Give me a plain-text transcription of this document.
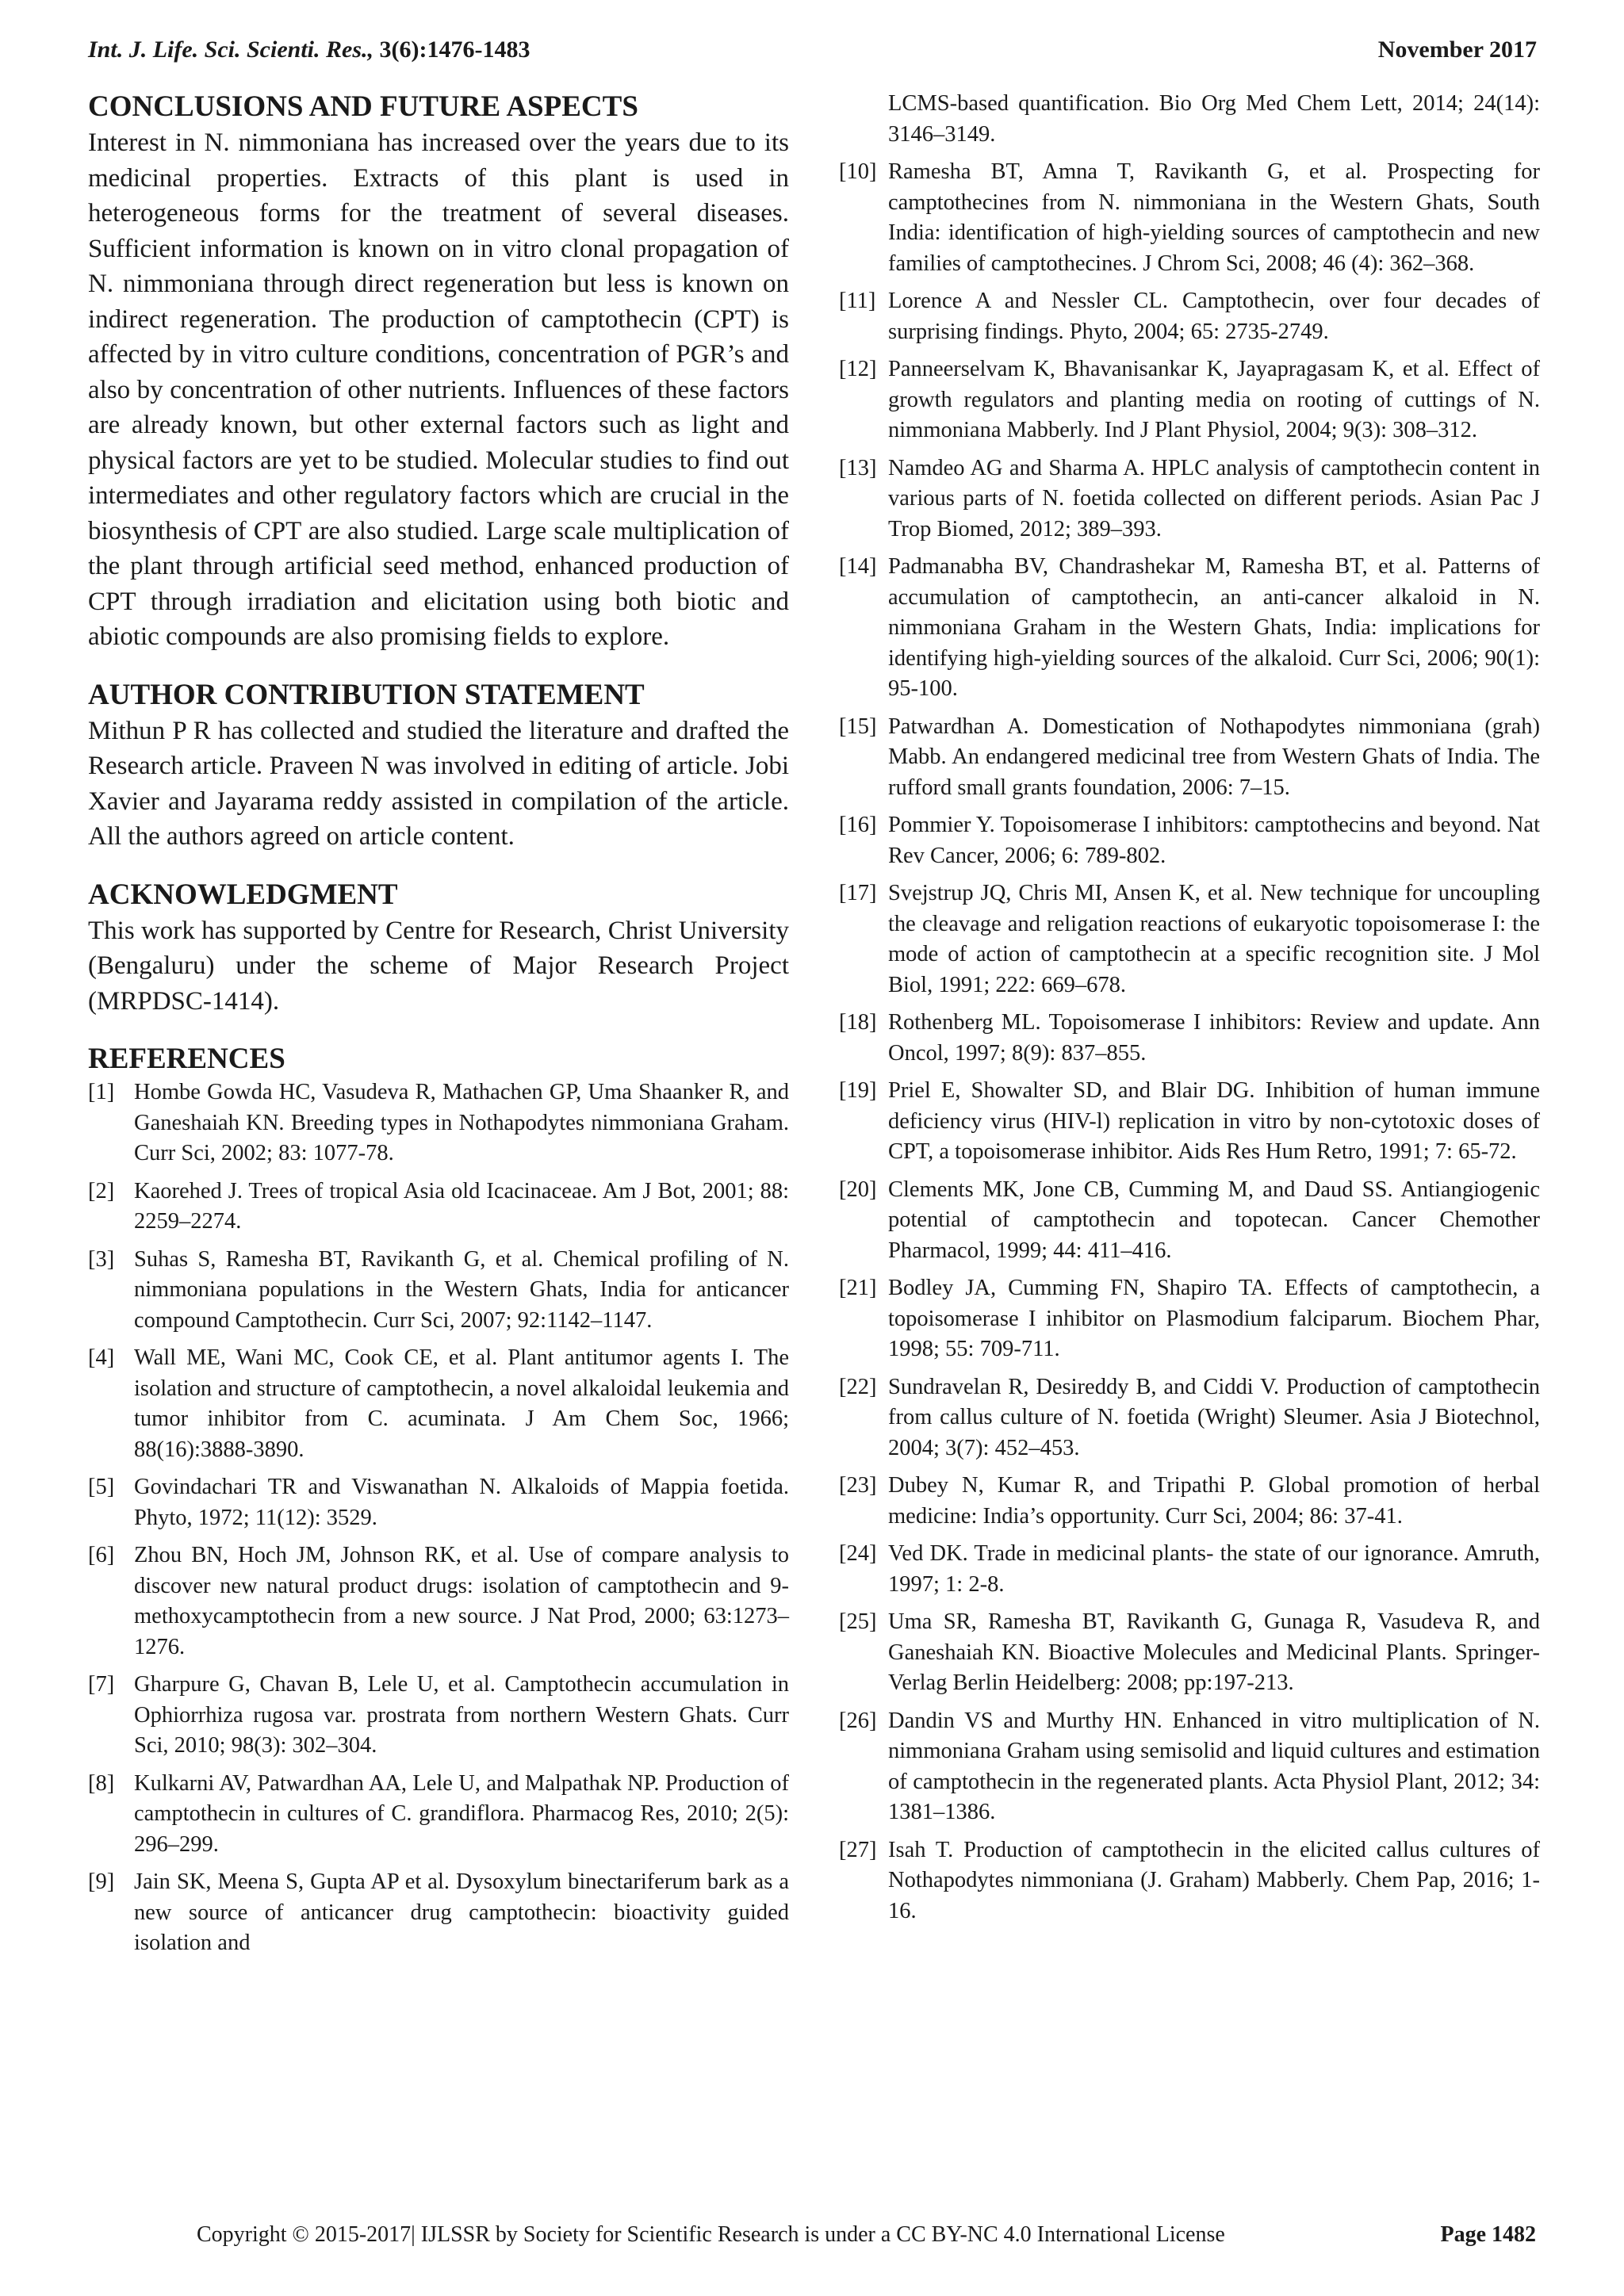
Int. J. Life. Sci. Scienti. Res., 3(6):1476-1483	November 2017
CONCLUSIONS AND FUTURE ASPECTS

Interest in N. nimmoniana has increased over the years due to its medicinal properties. Extracts of this plant is used in heterogeneous forms for the treatment of several diseases. Sufficient information is known on in vitro clonal propagation of N. nimmoniana through direct regeneration but less is known on indirect regeneration. The production of camptothecin (CPT) is affected by in vitro culture conditions, concentration of PGR’s and also by concentration of other nutrients. Influences of these factors are already known, but other external factors such as light and physical factors are yet to be studied. Molecular studies to find out intermediates and other regulatory factors which are crucial in the biosynthesis of CPT are also studied. Large scale multiplication of the plant through artificial seed method, enhanced production of CPT through irradiation and elicitation using both biotic and abiotic compounds are also promising fields to explore.

AUTHOR CONTRIBUTION STATEMENT

Mithun P R has collected and studied the literature and drafted the Research article. Praveen N was involved in editing of article. Jobi Xavier and Jayarama reddy assisted in compilation of the article. All the authors agreed on article content.

ACKNOWLEDGMENT

This work has supported by Centre for Research, Christ University (Bengaluru) under the scheme of Major Research Project (MRPDSC-1414).

REFERENCES
[1] Hombe Gowda HC, Vasudeva R, Mathachen GP, Uma Shaanker R, and Ganeshaiah KN. Breeding types in Nothapodytes nimmoniana Graham. Curr Sci, 2002; 83: 1077-78.
[2] Kaorehed J. Trees of tropical Asia old Icacinaceae. Am J Bot, 2001; 88: 2259–2274.
[3] Suhas S, Ramesha BT, Ravikanth G, et al. Chemical profiling of N. nimmoniana populations in the Western Ghats, India for anticancer compound Camptothecin. Curr Sci, 2007; 92:1142–1147.
[4] Wall ME, Wani MC, Cook CE, et al. Plant antitumor agents I. The isolation and structure of camptothecin, a novel alkaloidal leukemia and tumor inhibitor from C. acuminata. J Am Chem Soc, 1966; 88(16):3888-3890.
[5] Govindachari TR and Viswanathan N. Alkaloids of Mappia foetida. Phyto, 1972; 11(12): 3529.
[6] Zhou BN, Hoch JM, Johnson RK, et al. Use of compare analysis to discover new natural product drugs: isolation of camptothecin and 9-methoxycamptothecin from a new source. J Nat Prod, 2000; 63:1273–1276.
[7] Gharpure G, Chavan B, Lele U, et al. Camptothecin accumulation in Ophiorrhiza rugosa var. prostrata from northern Western Ghats. Curr Sci, 2010; 98(3): 302–304.
[8] Kulkarni AV, Patwardhan AA, Lele U, and Malpathak NP. Production of camptothecin in cultures of C. grandiflora. Pharmacog Res, 2010; 2(5): 296–299.
[9] Jain SK, Meena S, Gupta AP et al. Dysoxylum binectariferum bark as a new source of anticancer drug camptothecin: bioactivity guided isolation and
LCMS-based quantification. Bio Org Med Chem Lett, 2014; 24(14): 3146–3149.
[10] Ramesha BT, Amna T, Ravikanth G, et al. Prospecting for camptothecines from N. nimmoniana in the Western Ghats, South India: identification of high-yielding sources of camptothecin and new families of camptothecines. J Chrom Sci, 2008; 46 (4): 362–368.
[11] Lorence A and Nessler CL. Camptothecin, over four decades of surprising findings. Phyto, 2004; 65: 2735-2749.
[12] Panneerselvam K, Bhavanisankar K, Jayapragasam K, et al. Effect of growth regulators and planting media on rooting of cuttings of N. nimmoniana Mabberly. Ind J Plant Physiol, 2004; 9(3): 308–312.
[13] Namdeo AG and Sharma A. HPLC analysis of camptothecin content in various parts of N. foetida collected on different periods. Asian Pac J Trop Biomed, 2012; 389–393.
[14] Padmanabha BV, Chandrashekar M, Ramesha BT, et al. Patterns of accumulation of camptothecin, an anti-cancer alkaloid in N. nimmoniana Graham in the Western Ghats, India: implications for identifying high-yielding sources of the alkaloid. Curr Sci, 2006; 90(1): 95-100.
[15] Patwardhan A. Domestication of Nothapodytes nimmoniana (grah) Mabb. An endangered medicinal tree from Western Ghats of India. The rufford small grants foundation, 2006: 7–15.
[16] Pommier Y. Topoisomerase I inhibitors: camptothecins and beyond. Nat Rev Cancer, 2006; 6: 789-802.
[17] Svejstrup JQ, Chris MI, Ansen K, et al. New technique for uncoupling the cleavage and religation reactions of eukaryotic topoisomerase I: the mode of action of camptothecin at a specific recognition site. J Mol Biol, 1991; 222: 669–678.
[18] Rothenberg ML. Topoisomerase I inhibitors: Review and update. Ann Oncol, 1997; 8(9): 837–855.
[19] Priel E, Showalter SD, and Blair DG. Inhibition of human immune deficiency virus (HIV-l) replication in vitro by non-cytotoxic doses of CPT, a topoisomerase inhibitor. Aids Res Hum Retro, 1991; 7: 65-72.
[20] Clements MK, Jone CB, Cumming M, and Daud SS. Antiangiogenic potential of camptothecin and topotecan. Cancer Chemother Pharmacol, 1999; 44: 411–416.
[21] Bodley JA, Cumming FN, Shapiro TA. Effects of camptothecin, a topoisomerase I inhibitor on Plasmodium falciparum. Biochem Phar, 1998; 55: 709-711.
[22] Sundravelan R, Desireddy B, and Ciddi V. Production of camptothecin from callus culture of N. foetida (Wright) Sleumer. Asia J Biotechnol, 2004; 3(7): 452–453.
[23] Dubey N, Kumar R, and Tripathi P. Global promotion of herbal medicine: India’s opportunity. Curr Sci, 2004; 86: 37-41.
[24] Ved DK. Trade in medicinal plants- the state of our ignorance. Amruth, 1997; 1: 2-8.
[25] Uma SR, Ramesha BT, Ravikanth G, Gunaga R, Vasudeva R, and Ganeshaiah KN. Bioactive Molecules and Medicinal Plants. Springer-Verlag Berlin Heidelberg: 2008; pp:197-213.
[26] Dandin VS and Murthy HN. Enhanced in vitro multiplication of N. nimmoniana Graham using semisolid and liquid cultures and estimation of camptothecin in the regenerated plants. Acta Physiol Plant, 2012; 34: 1381–1386.
[27] Isah T. Production of camptothecin in the elicited callus cultures of Nothapodytes nimmoniana (J. Graham) Mabberly. Chem Pap, 2016; 1-16.
Copyright © 2015-2017| IJLSSR by Society for Scientific Research is under a CC BY-NC 4.0 International License	Page 1482
